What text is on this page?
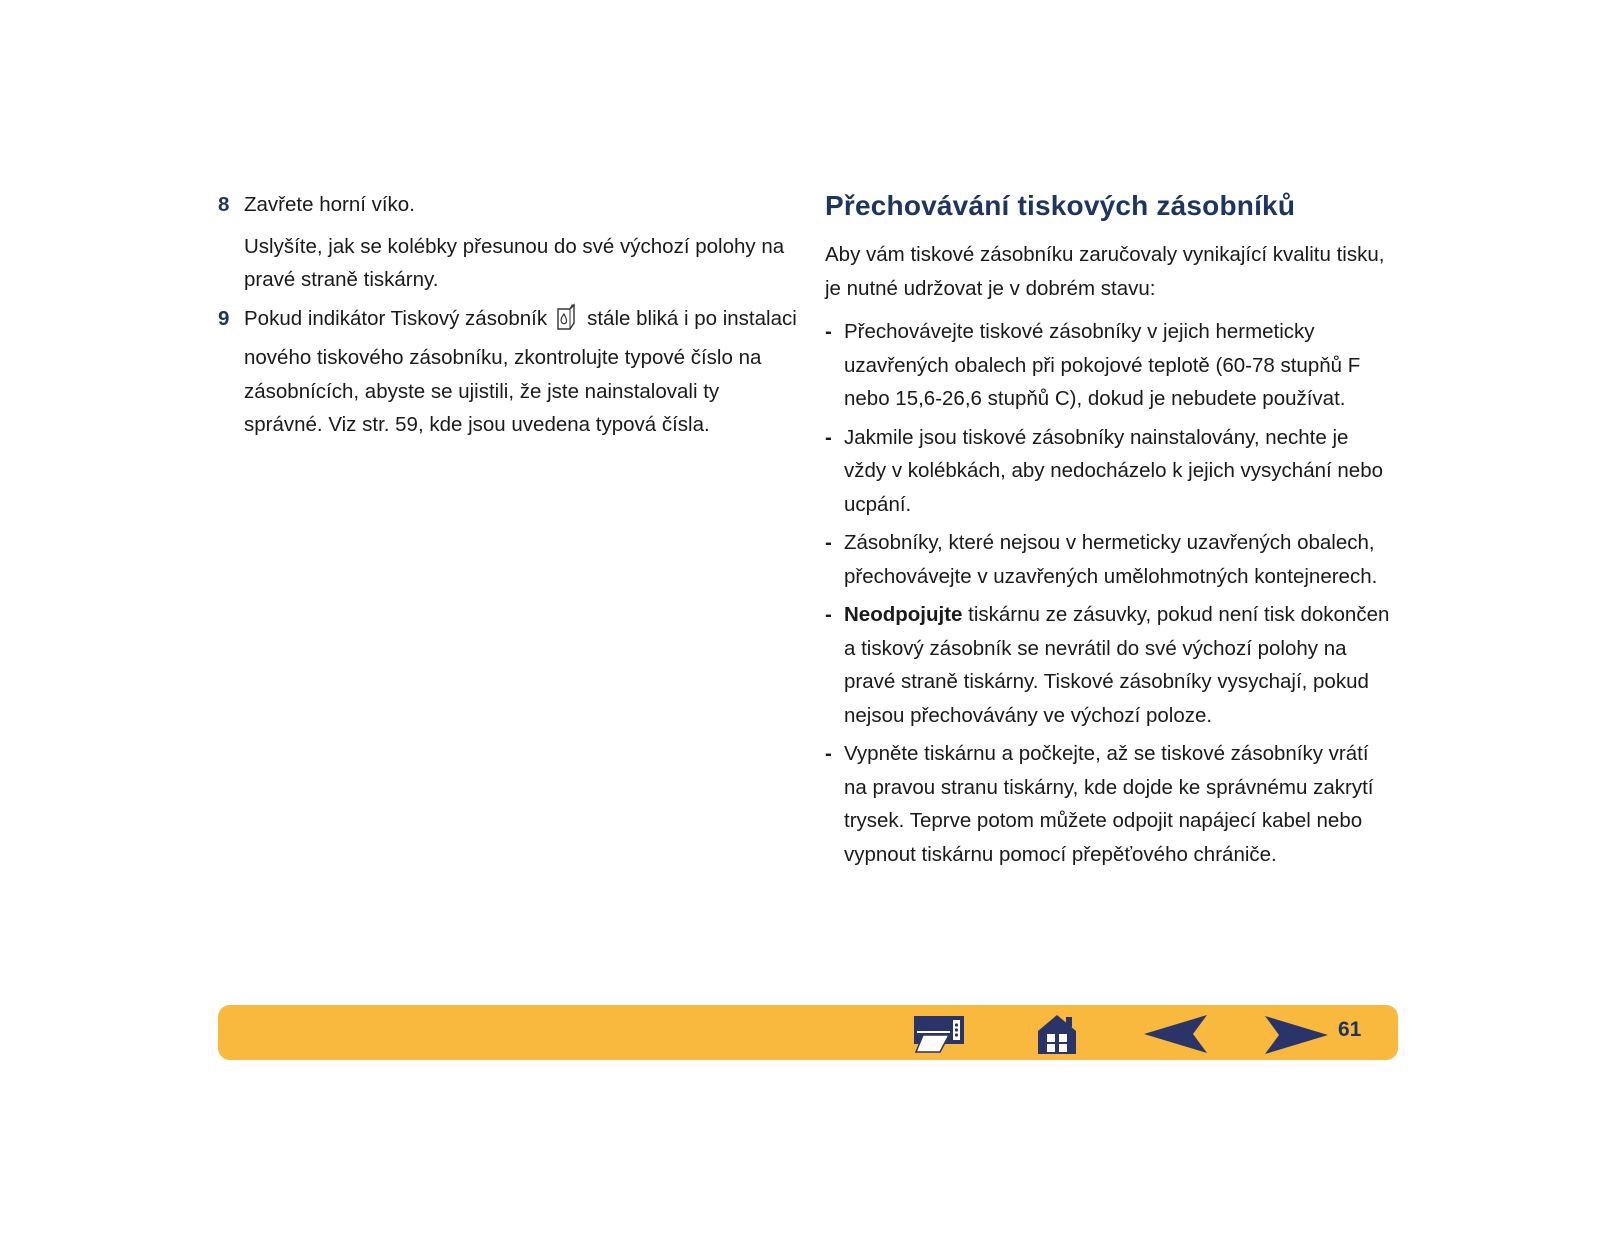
8 Zavřete horní víko.

Uslyšíte, jak se kolébky přesunou do své výchozí polohy na pravé straně tiskárny.

9 Pokud indikátor Tiskový zásobník stále bliká i po instalaci nového tiskového zásobníku, zkontrolujte typové číslo na zásobnících, abyste se ujistili, že jste nainstalovali ty správné. Viz str. 59, kde jsou uvedena typová čísla.
Přechovávání tiskových zásobníků

Aby vám tiskové zásobníku zaručovaly vynikající kvalitu tisku, je nutné udržovat je v dobrém stavu:

- Přechovávejte tiskové zásobníky v jejich hermeticky uzavřených obalech při pokojové teplotě (60-78 stupňů F nebo 15,6-26,6 stupňů C), dokud je nebudete používat.
- Jakmile jsou tiskové zásobníky nainstalovány, nechte je vždy v kolébkách, aby nedocházelo k jejich vysychání nebo ucpání.
- Zásobníky, které nejsou v hermeticky uzavřených obalech, přechovávejte v uzavřených umělohmotných kontejnerech.
- Neodpojujte tiskárnu ze zásuvky, pokud není tisk dokončen a tiskový zásobník se nevrátil do své výchozí polohy na pravé straně tiskárny. Tiskové zásobníky vysychají, pokud nejsou přechovávány ve výchozí poloze.
- Vypněte tiskárnu a počkejte, až se tiskové zásobníky vrátí na pravou stranu tiskárny, kde dojde ke správnému zakrytí trysek. Teprve potom můžete odpojit napájecí kabel nebo vypnout tiskárnu pomocí přepěťového chrániče.
61
